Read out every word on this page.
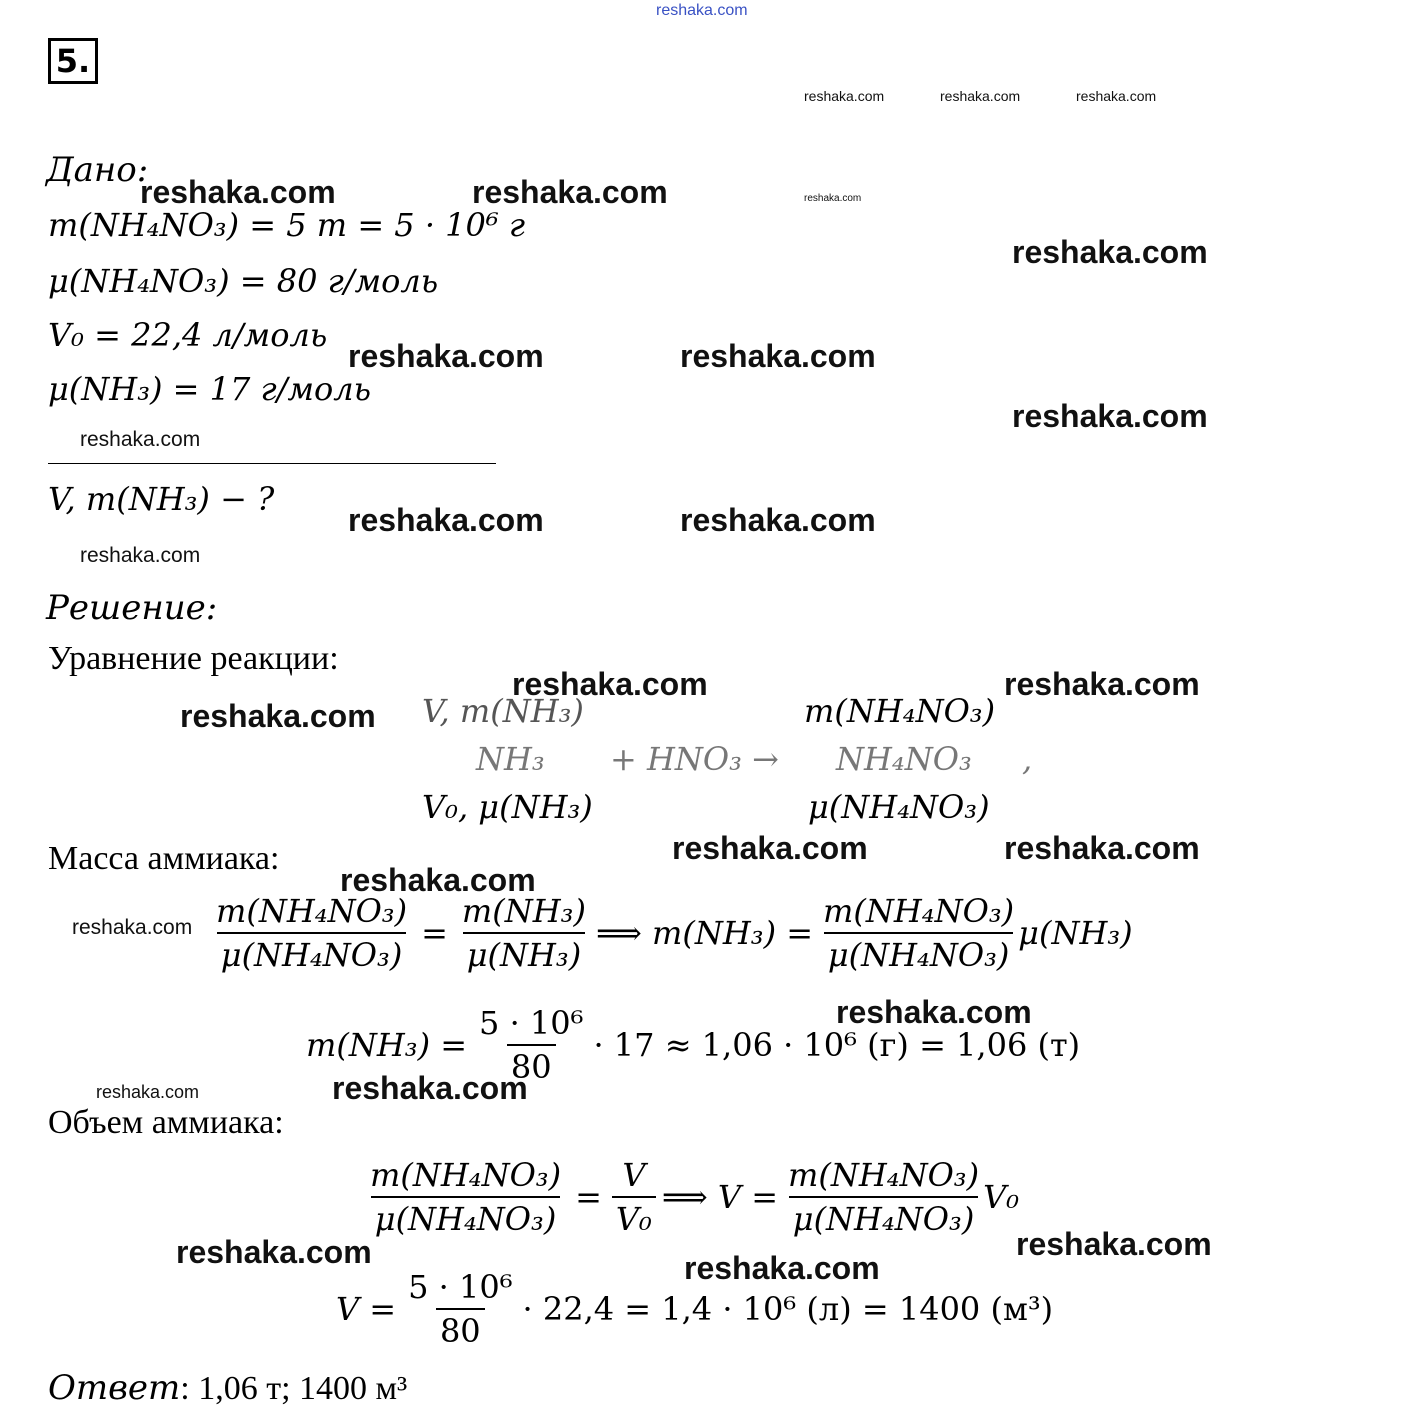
reshaka.com
5.
reshaka.com	reshaka.com	reshaka.com
reshaka.com
Дано:
m(NH₄NO₃) = 5 т = 5 · 10⁶ г
μ(NH₄NO₃) = 80 г/моль
V₀ = 22,4 л/моль
μ(NH₃) = 17 г/моль
V, m(NH₃) − ?
reshaka.com	reshaka.com
reshaka.com
reshaka.com	reshaka.com
reshaka.com
reshaka.com
reshaka.com	reshaka.com
reshaka.com
Решение:
Уравнение реакции:
V, m(NH₃)	m(NH₄NO₃)
NH₃ + HNO₃ → NH₄NO₃ ,
V₀, μ(NH₃)	μ(NH₄NO₃)
reshaka.com	reshaka.com
reshaka.com
Масса аммиака:	reshaka.com	reshaka.com
reshaka.com
reshaka.com $\frac{\text{m(NH₄NO₃)}}{\text{μ(NH₄NO₃)}} = \frac{\text{m(NH₃)}}{\text{μ(NH₃)}}$ ⟹ $m(NH_3) = \frac{\text{m(NH₄NO₃)}}{\text{μ(NH₄NO₃)}} \mu(NH_3)$
reshaka.com
$m(NH_3) = \frac{\text{5 · 10⁶}}{80} \cdot 17 \approx 1,06 \cdot 10^6$ (г) = 1,06 (т)
reshaka.com	reshaka.com
Объем аммиака:
$\frac{\text{m(NH₄NO₃)}}{\text{μ(NH₄NO₃)}} = \frac{V}{\text{V₀}}$ ⟹ $V = \frac{\text{m(NH₄NO₃)}}{\text{μ(NH₄NO₃)}} V_0$
reshaka.com	reshaka.com
reshaka.com
$V = \frac{\text{5 · 10⁶}}{80} \cdot 22,4 = 1,4 \cdot 10^6$ (л) = 1400 (м³)
Ответ: 1,06 т; 1400 м³
